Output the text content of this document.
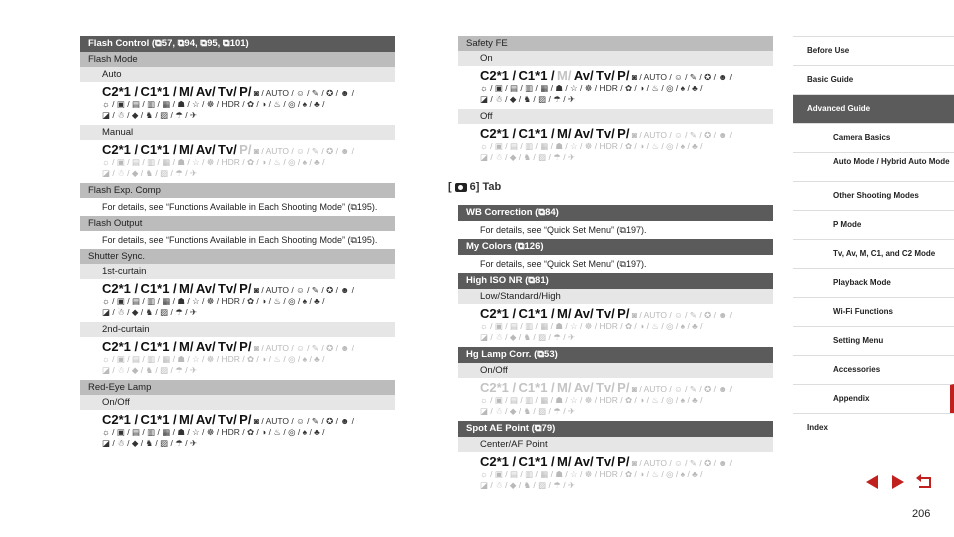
Flash Control (⧉57, ⧉94, ⧉95, ⧉101)
Flash Mode
Auto
C2*1 / C1*1 / M/ Av/ Tv/ P/ ◙ / AUTO / ☺ / ✎ / ✪ / ☻ /
☼ / ▣ / ▤ / ▥ / ▦ / ☗ / ☆ / ☸ / HDR / ✿ / ◑ / ♨ / ◎ / ♠ / ♣ /
◪ / ☃ / ◆ / ♞ / ▨ / ☂ / ✈
Manual
C2*1 / C1*1 / M/ Av/ Tv/ P/ ◙ / AUTO / ☺ / ✎ / ✪ / ☻ /
☼ / ▣ / ▤ / ▥ / ▦ / ☗ / ☆ / ☸ / HDR / ✿ / ◑ / ♨ / ◎ / ♠ / ♣ /
◪ / ☃ / ◆ / ♞ / ▨ / ☂ / ✈
Flash Exp. Comp
For details, see “Functions Available in Each Shooting Mode” (⧉195).
Flash Output
For details, see “Functions Available in Each Shooting Mode” (⧉195).
Shutter Sync.
1st-curtain
C2*1 / C1*1 / M/ Av/ Tv/ P/ ◙ / AUTO / ☺ / ✎ / ✪ / ☻ /
☼ / ▣ / ▤ / ▥ / ▦ / ☗ / ☆ / ☸ / HDR / ✿ / ◑ / ♨ / ◎ / ♠ / ♣ /
◪ / ☃ / ◆ / ♞ / ▨ / ☂ / ✈
2nd-curtain
C2*1 / C1*1 / M/ Av/ Tv/ P/ ◙ / AUTO / ☺ / ✎ / ✪ / ☻ /
☼ / ▣ / ▤ / ▥ / ▦ / ☗ / ☆ / ☸ / HDR / ✿ / ◑ / ♨ / ◎ / ♠ / ♣ /
◪ / ☃ / ◆ / ♞ / ▨ / ☂ / ✈
Red-Eye Lamp
On/Off
C2*1 / C1*1 / M/ Av/ Tv/ P/ ◙ / AUTO / ☺ / ✎ / ✪ / ☻ /
☼ / ▣ / ▤ / ▥ / ▦ / ☗ / ☆ / ☸ / HDR / ✿ / ◑ / ♨ / ◎ / ♠ / ♣ /
◪ / ☃ / ◆ / ♞ / ▨ / ☂ / ✈
Safety FE
On
C2*1 / C1*1 / M/ Av/ Tv/ P/ ◙ / AUTO / ☺ / ✎ / ✪ / ☻ /
☼ / ▣ / ▤ / ▥ / ▦ / ☗ / ☆ / ☸ / HDR / ✿ / ◑ / ♨ / ◎ / ♠ / ♣ /
◪ / ☃ / ◆ / ♞ / ▨ / ☂ / ✈
Off
C2*1 / C1*1 / M/ Av/ Tv/ P/ ◙ / AUTO / ☺ / ✎ / ✪ / ☻ /
☼ / ▣ / ▤ / ▥ / ▦ / ☗ / ☆ / ☸ / HDR / ✿ / ◑ / ♨ / ◎ / ♠ / ♣ /
◪ / ☃ / ◆ / ♞ / ▨ / ☂ / ✈
[ 6] Tab
WB Correction (⧉84)
For details, see “Quick Set Menu” (⧉197).
My Colors (⧉126)
For details, see “Quick Set Menu” (⧉197).
High ISO NR (⧉81)
Low/Standard/High
C2*1 / C1*1 / M/ Av/ Tv/ P/ ◙ / AUTO / ☺ / ✎ / ✪ / ☻ /
☼ / ▣ / ▤ / ▥ / ▦ / ☗ / ☆ / ☸ / HDR / ✿ / ◑ / ♨ / ◎ / ♠ / ♣ /
◪ / ☃ / ◆ / ♞ / ▨ / ☂ / ✈
Hg Lamp Corr. (⧉53)
On/Off
C2*1 / C1*1 / M/ Av/ Tv/ P/ ◙ / AUTO / ☺ / ✎ / ✪ / ☻ /
☼ / ▣ / ▤ / ▥ / ▦ / ☗ / ☆ / ☸ / HDR / ✿ / ◑ / ♨ / ◎ / ♠ / ♣ /
◪ / ☃ / ◆ / ♞ / ▨ / ☂ / ✈
Spot AE Point (⧉79)
Center/AF Point
C2*1 / C1*1 / M/ Av/ Tv/ P/ ◙ / AUTO / ☺ / ✎ / ✪ / ☻ /
☼ / ▣ / ▤ / ▥ / ▦ / ☗ / ☆ / ☸ / HDR / ✿ / ◑ / ♨ / ◎ / ♠ / ♣ /
◪ / ☃ / ◆ / ♞ / ▨ / ☂ / ✈
Before Use
Basic Guide
Advanced Guide
Camera Basics
Auto Mode / Hybrid Auto Mode
Other Shooting Modes
P Mode
Tv, Av, M, C1, and C2 Mode
Playback Mode
Wi-Fi Functions
Setting Menu
Accessories
Appendix
Index
206
